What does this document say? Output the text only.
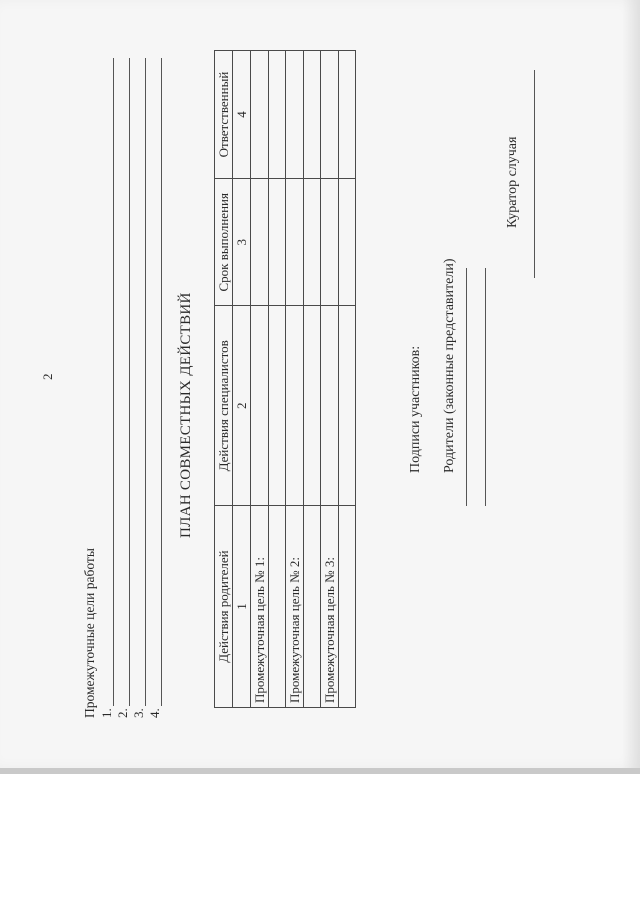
2
Промежуточные цели работы 1. 2. 3. 4.
ПЛАН СОВМЕСТНЫХ ДЕЙСТВИЙ
Действия родителей	Действия специалистов	Срок выполнения	Ответственный
1	2	3	4
Промежуточная цель № 1:			

Промежуточная цель № 2:			

Промежуточная цель № 3:			

Подписи участников: Родители (законные представители)
Куратор случая
